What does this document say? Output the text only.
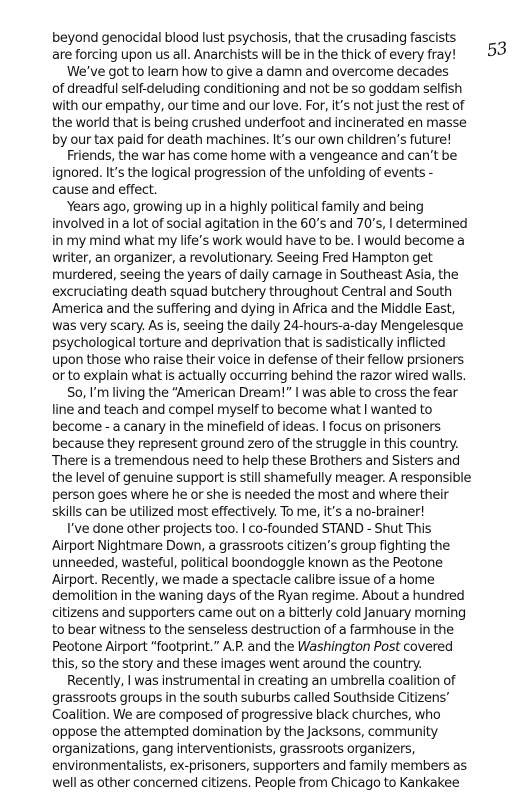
53
beyond genocidal blood lust psychosis, that the crusading fascists
are forcing upon us all. Anarchists will be in the thick of every fray!
We’ve got to learn how to give a damn and overcome decades
of dreadful self-deluding conditioning and not be so goddam selfish
with our empathy, our time and our love. For, it’s not just the rest of
the world that is being crushed underfoot and incinerated en masse
by our tax paid for death machines. It’s our own children’s future!
Friends, the war has come home with a vengeance and can’t be
ignored. It’s the logical progression of the unfolding of events -
cause and effect.
Years ago, growing up in a highly political family and being
involved in a lot of social agitation in the 60’s and 70’s, I determined
in my mind what my life’s work would have to be. I would become a
writer, an organizer, a revolutionary. Seeing Fred Hampton get
murdered, seeing the years of daily carnage in Southeast Asia, the
excruciating death squad butchery throughout Central and South
America and the suffering and dying in Africa and the Middle East,
was very scary. As is, seeing the daily 24-hours-a-day Mengelesque
psychological torture and deprivation that is sadistically inflicted
upon those who raise their voice in defense of their fellow prsioners
or to explain what is actually occurring behind the razor wired walls.
So, I’m living the “American Dream!” I was able to cross the fear
line and teach and compel myself to become what I wanted to
become - a canary in the minefield of ideas. I focus on prisoners
because they represent ground zero of the struggle in this country.
There is a tremendous need to help these Brothers and Sisters and
the level of genuine support is still shamefully meager. A responsible
person goes where he or she is needed the most and where their
skills can be utilized most effectively. To me, it’s a no-brainer!
I’ve done other projects too. I co-founded STAND - Shut This
Airport Nightmare Down, a grassroots citizen’s group fighting the
unneeded, wasteful, political boondoggle known as the Peotone
Airport. Recently, we made a spectacle calibre issue of a home
demolition in the waning days of the Ryan regime. About a hundred
citizens and supporters came out on a bitterly cold January morning
to bear witness to the senseless destruction of a farmhouse in the
Peotone Airport “footprint.” A.P. and the Washington Post covered
this, so the story and these images went around the country.
Recently, I was instrumental in creating an umbrella coalition of
grassroots groups in the south suburbs called Southside Citizens’
Coalition. We are composed of progressive black churches, who
oppose the attempted domination by the Jacksons, community
organizations, gang interventionists, grassroots organizers,
environmentalists, ex-prisoners, supporters and family members as
well as other concerned citizens. People from Chicago to Kankakee
